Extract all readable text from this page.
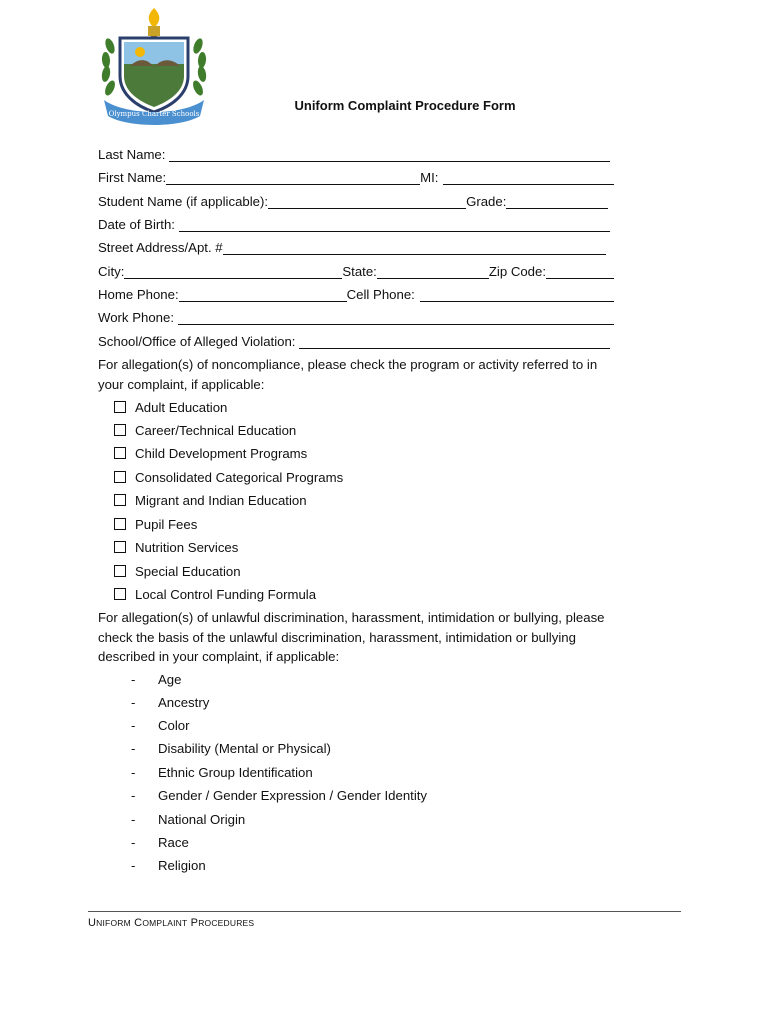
Olympus Charter Schools
Uniform Complaint Procedure Form
Last Name:
First Name:	MI:
Student Name (if applicable):	Grade:
Date of Birth:
Street Address/Apt. #
City:	State:	Zip Code:
Home Phone:	Cell Phone:
Work Phone:
School/Office of Alleged Violation:
For allegation(s) of noncompliance, please check the program or activity referred to in your complaint, if applicable:
Adult Education
Career/Technical Education
Child Development Programs
Consolidated Categorical Programs
Migrant and Indian Education
Pupil Fees
Nutrition Services
Special Education
Local Control Funding Formula
For allegation(s) of unlawful discrimination, harassment, intimidation or bullying, please check the basis of the unlawful discrimination, harassment, intimidation or bullying described in your complaint, if applicable:
-	Age
-	Ancestry
-	Color
-	Disability (Mental or Physical)
-	Ethnic Group Identification
-	Gender / Gender Expression / Gender Identity
-	National Origin
-	Race
-	Religion
UNIFORM COMPLAINT PROCEDURES
